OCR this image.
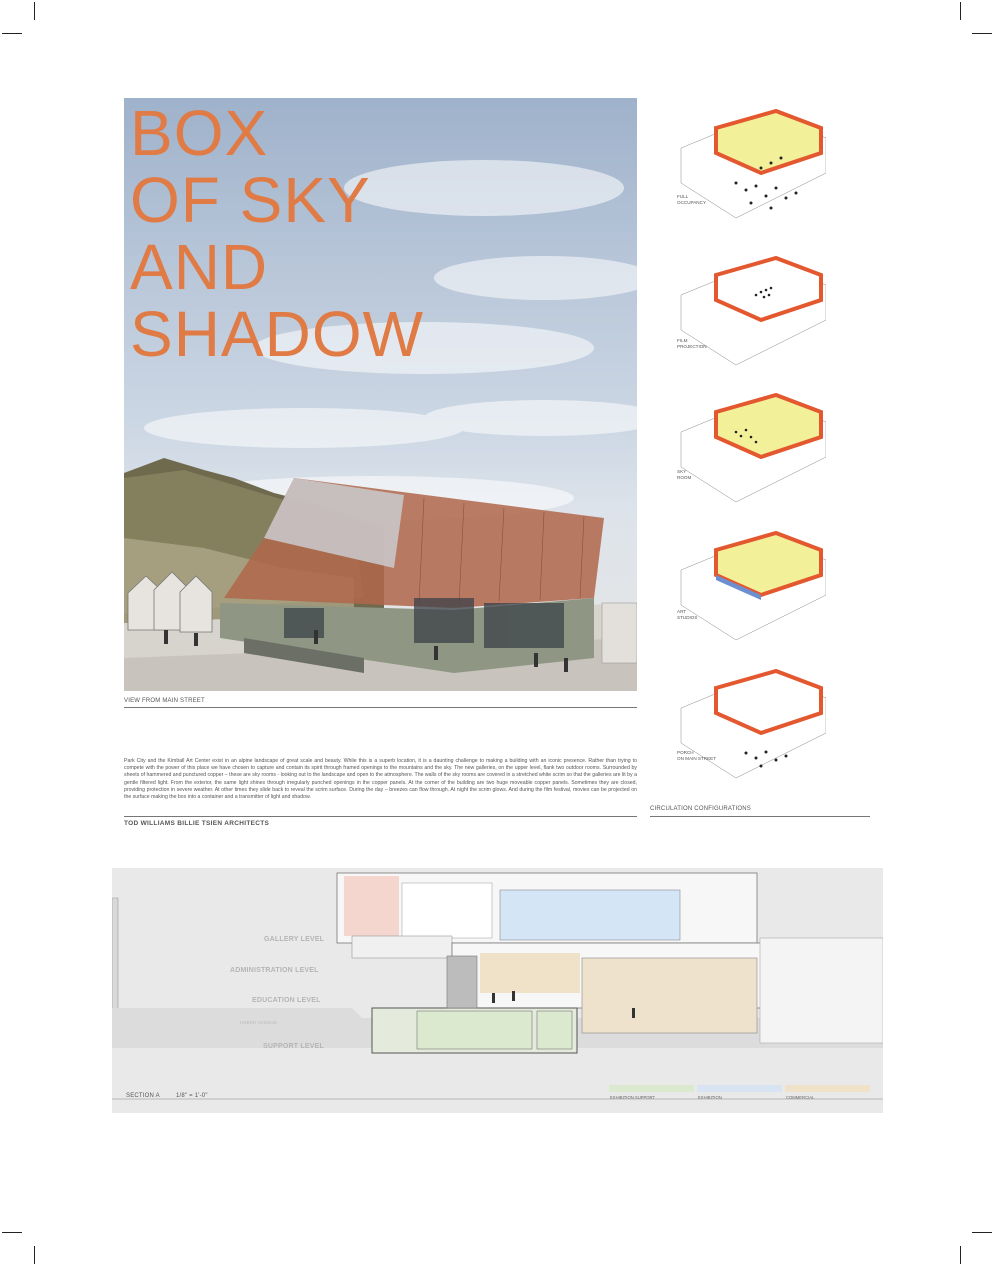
BOX
OF SKY
AND
SHADOW
VIEW FROM MAIN STREET
Park City and the Kimball Art Center exist in an alpine landscape of great scale and beauty. While this is a superb location, it is a daunting challenge to making a building with an iconic presence. Rather than trying to compete with the power of this place we have chosen to capture and contain its spirit through framed openings to the mountains and the sky. The new galleries, on the upper level, flank two outdoor rooms. Surrounded by sheets of hammered and punctured copper – these are sky rooms - looking out to the landscape and open to the atmosphere. The walls of the sky rooms are covered in a stretched white scrim so that the galleries are lit by a gentle filtered light. From the exterior, the same light shines through irregularly punched openings in the copper panels. At the corner of the building are two huge moveable copper panels. Sometimes they are closed, providing protection in severe weather. At other times they slide back to reveal the scrim surface. During the day – breezes can flow through. At night the scrim glows. And during the film festival, movies can be projected on the surface making the box into a container and a transmitter of light and shadow.
TOD WILLIAMS BILLIE TSIEN ARCHITECTS
FULL
OCCUPANCY
FILM
PROJECTION
SKY
ROOM
ART
STUDIOS
PORCH
ON MAIN STREET
CIRCULATION CONFIGURATIONS
GALLERY LEVEL
ADMINISTRATION LEVEL
EDUCATION LEVEL
HEBER AVENUE
SUPPORT LEVEL
SECTION A	1/8" = 1'-0"	EXHIBITION SUPPORT	EXHIBITION	COMMERCIAL
